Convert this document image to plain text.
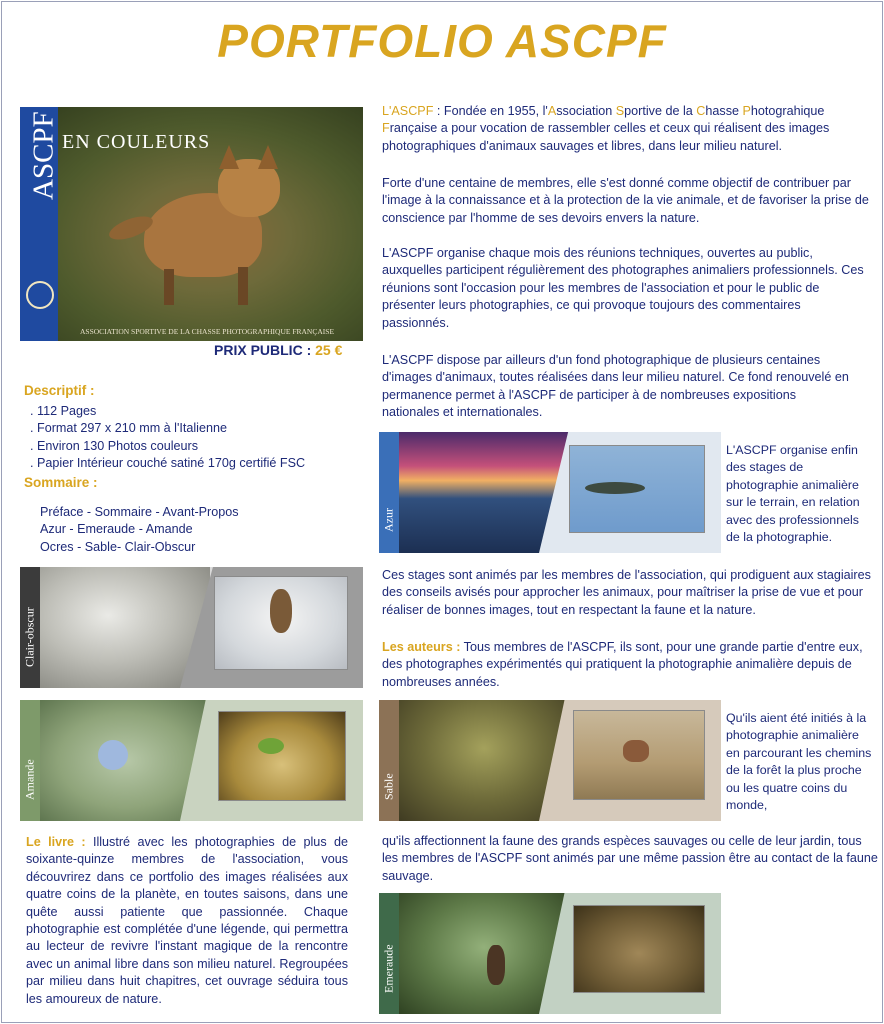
PORTFOLIO ASCPF
ASCPF EN COULEURS
ASSOCIATION SPORTIVE DE LA CHASSE PHOTOGRAPHIQUE FRANÇAISE
PRIX PUBLIC : 25 €
Descriptif :
. 112 Pages
. Format 297 x 210 mm à l'Italienne
. Environ 130 Photos couleurs
. Papier Intérieur couché satiné 170g certifié FSC
Sommaire :
Préface - Sommaire - Avant-Propos
Azur - Emeraude - Amande
Ocres - Sable- Clair-Obscur
Clair-obscur
Amande
Le livre : Illustré avec les photographies de plus de soixante-quinze membres de l'association, vous découvrirez dans ce portfolio des images réalisées aux quatre coins de la planète, en toutes saisons, dans une quête aussi patiente que passionnée. Chaque photographie est complétée d'une légende, qui permettra au lecteur de revivre l'instant magique de la rencontre avec un animal libre dans son milieu naturel. Regroupées par milieu dans huit chapitres, cet ouvrage séduira tous les amoureux de nature.
L'ASCPF : Fondée en 1955, l'Association Sportive de la Chasse Photograhique
Française a pour vocation de rassembler celles et ceux qui réalisent des images photographiques d'animaux sauvages et libres, dans leur milieu naturel.

Forte d'une centaine de membres, elle s'est donné comme objectif de contribuer par l'image à la connaissance et à la protection de la vie animale, et de favoriser la prise de conscience par l'homme de ses devoirs envers la nature.

L'ASCPF organise chaque mois des réunions techniques, ouvertes au public, auxquelles participent régulièrement des photographes animaliers professionnels. Ces réunions sont l'occasion pour les membres de l'association et pour le public de présenter leurs photographies, ce qui provoque toujours des commentaires passionnés.

L'ASCPF dispose par ailleurs d'un fond photographique de plusieurs centaines d'images d'animaux, toutes réalisées dans leur milieu naturel. Ce fond renouvelé en permanence permet à l'ASCPF de participer à de nombreuses expositions nationales et internationales.

Azur

L'ASCPF organise enfin des stages de photographie animalière sur le terrain, en relation avec des professionnels de la photographie.

Ces stages sont animés par les membres de l'association, qui prodiguent aux stagiaires des conseils avisés pour approcher les animaux, pour maîtriser la prise de vue et pour réaliser de bonnes images, tout en respectant la faune et la nature.

Les auteurs : Tous membres de l'ASCPF, ils sont, pour une grande partie d'entre eux, des photographes expérimentés qui pratiquent la photographie animalière depuis de nombreuses années.
Sable

Qu'ils aient été initiés à la photographie animalière en parcourant les chemins de la forêt la plus proche ou les quatre coins du monde,

qu'ils affectionnent la faune des grands espèces sauvages ou celle de leur jardin, tous les membres de l'ASCPF sont animés par une même passion être au contact de la faune sauvage.

Emeraude
